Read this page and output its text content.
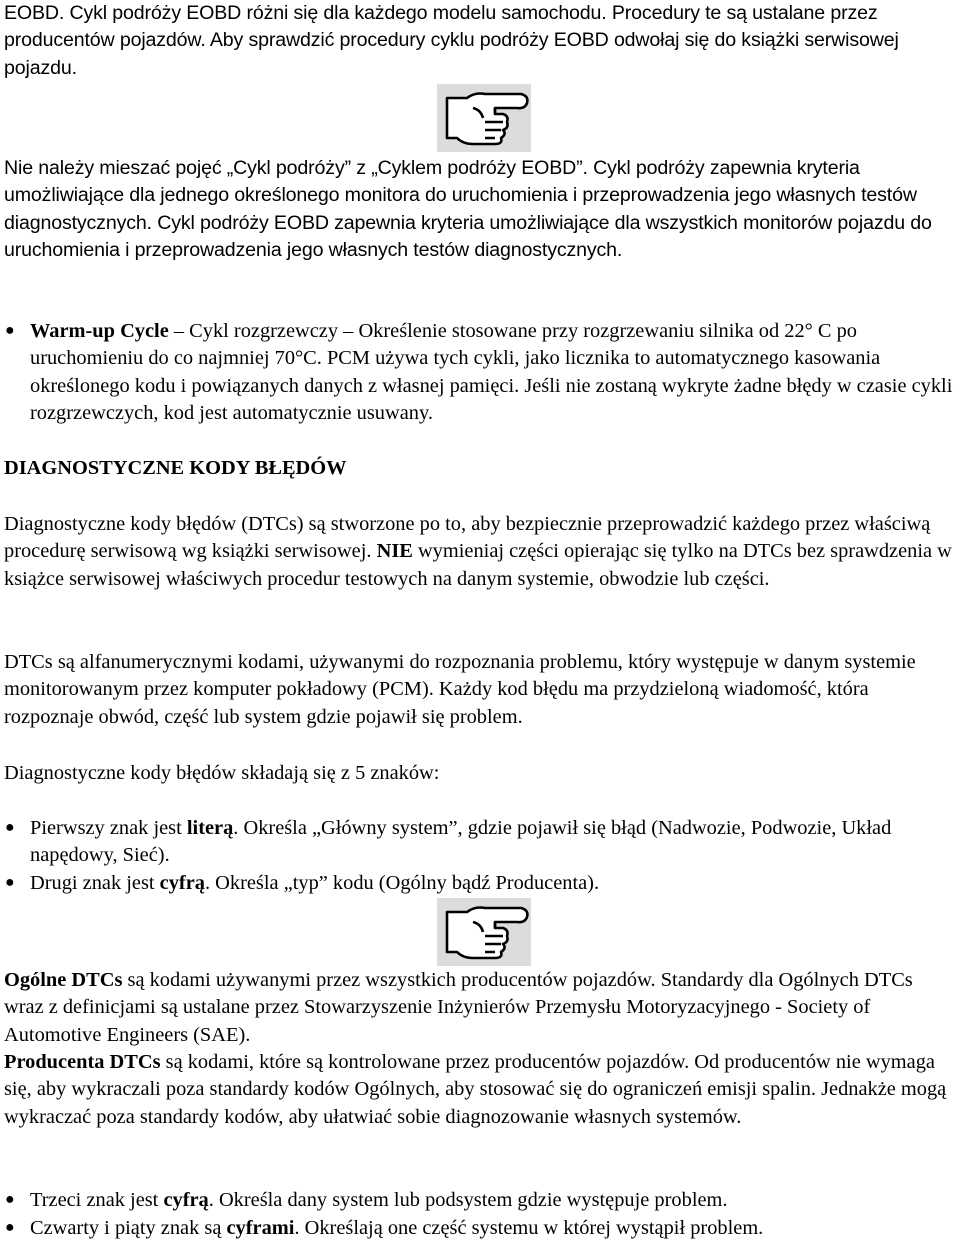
EOBD. Cykl podróży EOBD różni się dla każdego modelu samochodu. Procedury te są ustalane przez producentów pojazdów. Aby sprawdzić procedury cyklu podróży EOBD odwołaj się do książki serwisowej pojazdu.

Nie należy mieszać pojęć „Cykl podróży” z „Cyklem podróży EOBD”. Cykl podróży zapewnia kryteria umożliwiające dla jednego określonego monitora do uruchomienia i przeprowadzenia jego własnych testów diagnostycznych. Cykl podróży EOBD zapewnia kryteria umożliwiające dla wszystkich monitorów pojazdu do uruchomienia i przeprowadzenia jego własnych testów diagnostycznych.

● Warm-up Cycle – Cykl rozgrzewczy – Określenie stosowane przy rozgrzewaniu silnika od 22° C po uruchomieniu do co najmniej 70°C. PCM używa tych cykli, jako licznika to automatycznego kasowania określonego kodu i powiązanych danych z własnej pamięci. Jeśli nie zostaną wykryte żadne błędy w czasie cykli rozgrzewczych, kod jest automatycznie usuwany.

DIAGNOSTYCZNE KODY BŁĘDÓW

Diagnostyczne kody błędów (DTCs) są stworzone po to, aby bezpiecznie przeprowadzić każdego przez właściwą procedurę serwisową wg książki serwisowej. NIE wymieniaj części opierając się tylko na DTCs bez sprawdzenia w książce serwisowej właściwych procedur testowych na danym systemie, obwodzie lub części.

DTCs są alfanumerycznymi kodami, używanymi do rozpoznania problemu, który występuje w danym systemie monitorowanym przez komputer pokładowy (PCM). Każdy kod błędu ma przydzieloną wiadomość, która rozpoznaje obwód, część lub system gdzie pojawił się problem.

Diagnostyczne kody błędów składają się z 5 znaków:

● Pierwszy znak jest literą. Określa „Główny system”, gdzie pojawił się błąd (Nadwozie, Podwozie, Układ napędowy, Sieć).

● Drugi znak jest cyfrą. Określa „typ” kodu (Ogólny bądź Producenta).

Ogólne DTCs są kodami używanymi przez wszystkich producentów pojazdów. Standardy dla Ogólnych DTCs wraz z definicjami są ustalane przez Stowarzyszenie Inżynierów Przemysłu Motoryzacyjnego - Society of Automotive Engineers (SAE).

Producenta DTCs są kodami, które są kontrolowane przez producentów pojazdów. Od producentów nie wymaga się, aby wykraczali poza standardy kodów Ogólnych, aby stosować się do ograniczeń emisji spalin. Jednakże mogą wykraczać poza standardy kodów, aby ułatwiać sobie diagnozowanie własnych systemów.

● Trzeci znak jest cyfrą. Określa dany system lub podsystem gdzie występuje problem.

● Czwarty i piąty znak są cyframi. Określają one część systemu w której wystąpił problem.
